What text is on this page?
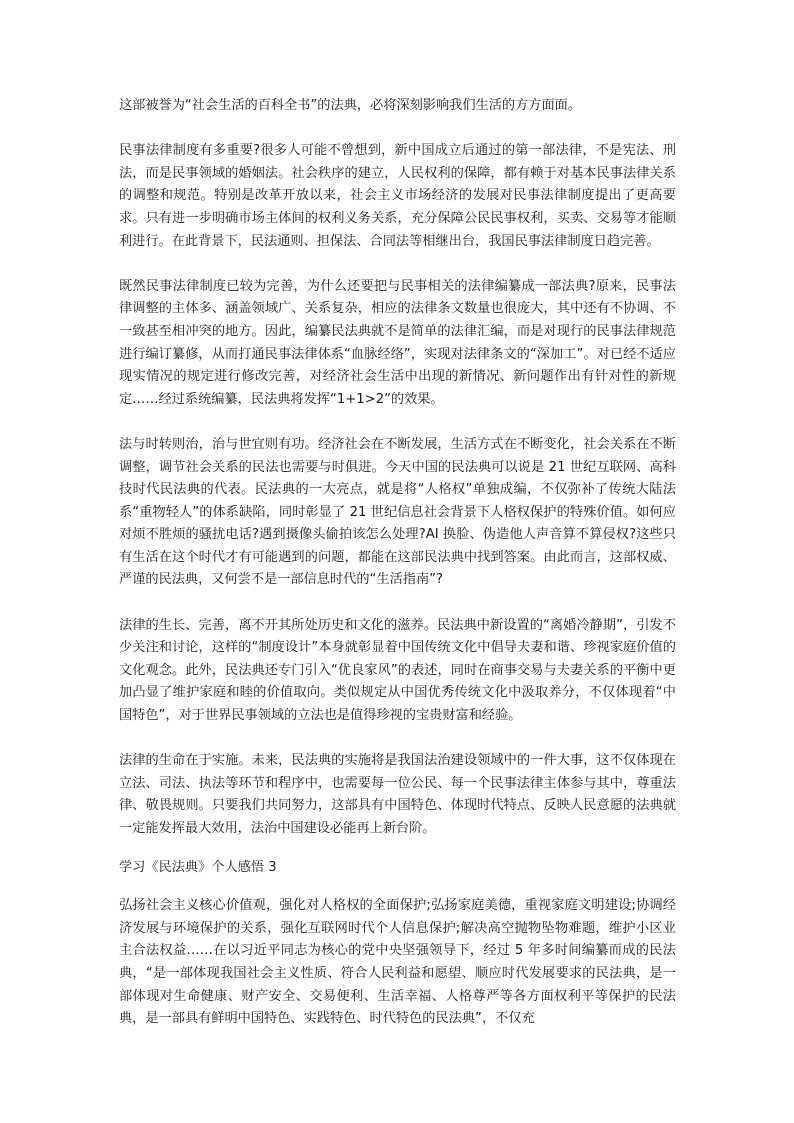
这部被誉为“社会生活的百科全书”的法典，必将深刻影响我们生活的方方面面。

民事法律制度有多重要?很多人可能不曾想到，新中国成立后通过的第一部法律，不是宪法、刑法，而是民事领域的婚姻法。社会秩序的建立，人民权利的保障，都有赖于对基本民事法律关系的调整和规范。特别是改革开放以来，社会主义市场经济的发展对民事法律制度提出了更高要求。只有进一步明确市场主体间的权利义务关系，充分保障公民民事权利，买卖、交易等才能顺利进行。在此背景下，民法通则、担保法、合同法等相继出台，我国民事法律制度日趋完善。

既然民事法律制度已较为完善，为什么还要把与民事相关的法律编纂成一部法典?原来，民事法律调整的主体多、涵盖领域广、关系复杂，相应的法律条文数量也很庞大，其中还有不协调、不一致甚至相冲突的地方。因此，编纂民法典就不是简单的法律汇编，而是对现行的民事法律规范进行编订纂修，从而打通民事法律体系“血脉经络”，实现对法律条文的“深加工”。对已经不适应现实情况的规定进行修改完善，对经济社会生活中出现的新情况、新问题作出有针对性的新规定……经过系统编纂，民法典将发挥“1+1>2”的效果。

法与时转则治，治与世宜则有功。经济社会在不断发展，生活方式在不断变化，社会关系在不断调整，调节社会关系的民法也需要与时俱进。今天中国的民法典可以说是 21 世纪互联网、高科技时代民法典的代表。民法典的一大亮点，就是将“人格权”单独成编，不仅弥补了传统大陆法系“重物轻人”的体系缺陷，同时彰显了 21 世纪信息社会背景下人格权保护的特殊价值。如何应对烦不胜烦的骚扰电话?遇到摄像头偷拍该怎么处理?AI 换脸、伪造他人声音算不算侵权?这些只有生活在这个时代才有可能遇到的问题，都能在这部民法典中找到答案。由此而言，这部权威、严谨的民法典，又何尝不是一部信息时代的“生活指南”?

法律的生长、完善，离不开其所处历史和文化的滋养。民法典中新设置的“离婚冷静期”，引发不少关注和讨论，这样的“制度设计”本身就彰显着中国传统文化中倡导夫妻和谐、珍视家庭价值的文化观念。此外，民法典还专门引入“优良家风”的表述，同时在商事交易与夫妻关系的平衡中更加凸显了维护家庭和睦的价值取向。类似规定从中国优秀传统文化中汲取养分，不仅体现着“中国特色”，对于世界民事领域的立法也是值得珍视的宝贵财富和经验。

法律的生命在于实施。未来，民法典的实施将是我国法治建设领域中的一件大事，这不仅体现在立法、司法、执法等环节和程序中，也需要每一位公民、每一个民事法律主体参与其中，尊重法律、敬畏规则。只要我们共同努力，这部具有中国特色、体现时代特点、反映人民意愿的法典就一定能发挥最大效用，法治中国建设必能再上新台阶。

学习《民法典》个人感悟 3

弘扬社会主义核心价值观，强化对人格权的全面保护;弘扬家庭美德，重视家庭文明建设;协调经济发展与环境保护的关系，强化互联网时代个人信息保护;解决高空抛物坠物难题，维护小区业主合法权益……在以习近平同志为核心的党中央坚强领导下，经过 5 年多时间编纂而成的民法典，“是一部体现我国社会主义性质、符合人民利益和愿望、顺应时代发展要求的民法典，是一部体现对生命健康、财产安全、交易便利、生活幸福、人格尊严等各方面权利平等保护的民法典，是一部具有鲜明中国特色、实践特色、时代特色的民法典”，不仅充
